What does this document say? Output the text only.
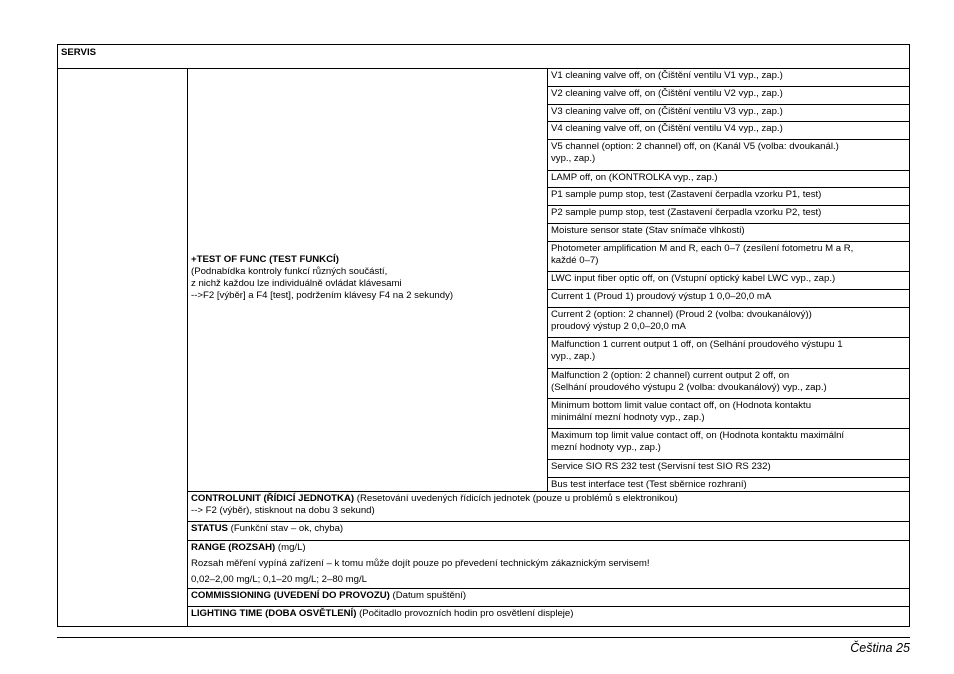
SERVIS
+TEST OF FUNC (TEST FUNKCÍ)
(Podnabídka kontroly funkcí různých součástí,
z nichž každou lze individuálně ovládat klávesami
-->F2 [výběr] a F4 [test], podržením klávesy F4 na 2 sekundy)
V1 cleaning valve off, on (Čištění ventilu V1 vyp., zap.)
V2 cleaning valve off, on (Čištění ventilu V2 vyp., zap.)
V3 cleaning valve off, on (Čištění ventilu V3 vyp., zap.)
V4 cleaning valve off, on (Čištění ventilu V4 vyp., zap.)
V5 channel (option: 2 channel) off, on (Kanál V5 (volba: dvoukanál.)
vyp., zap.)
LAMP off, on (KONTROLKA vyp., zap.)
P1 sample pump stop, test (Zastavení čerpadla vzorku P1, test)
P2 sample pump stop, test (Zastavení čerpadla vzorku P2, test)
Moisture sensor state (Stav snímače vlhkosti)
Photometer amplification M and R, each 0–7 (zesílení fotometru M a R,
každé 0–7)
LWC input fiber optic off, on (Vstupní optický kabel LWC vyp., zap.)
Current 1 (Proud 1) proudový výstup 1 0,0–20,0 mA
Current 2 (option: 2 channel) (Proud 2 (volba: dvoukanálový))
proudový výstup 2 0,0–20,0 mA
Malfunction 1 current output 1 off, on (Selhání proudového výstupu 1
vyp., zap.)
Malfunction 2 (option: 2 channel) current output 2 off, on
(Selhání proudového výstupu 2 (volba: dvoukanálový) vyp., zap.)
Minimum bottom limit value contact off, on (Hodnota kontaktu
minimální mezní hodnoty vyp., zap.)
Maximum top limit value contact off, on (Hodnota kontaktu maximální
mezní hodnoty vyp., zap.)
Service SIO RS 232 test (Servisní test SIO RS 232)
Bus test interface test (Test sběrnice rozhraní)
CONTROLUNIT (ŘÍDICÍ JEDNOTKA) (Resetování uvedených řídicích jednotek (pouze u problémů s elektronikou)
--> F2 (výběr), stisknout na dobu 3 sekund)
STATUS (Funkční stav – ok, chyba)
RANGE (ROZSAH) (mg/L)
Rozsah měření vypíná zařízení – k tomu může dojít pouze po převedení technickým zákaznickým servisem!
0,02–2,00 mg/L; 0,1–20 mg/L; 2–80 mg/L
COMMISSIONING (UVEDENÍ DO PROVOZU) (Datum spuštění)
LIGHTING TIME (DOBA OSVĚTLENÍ) (Počitadlo provozních hodin pro osvětlení displeje)
Čeština 25
